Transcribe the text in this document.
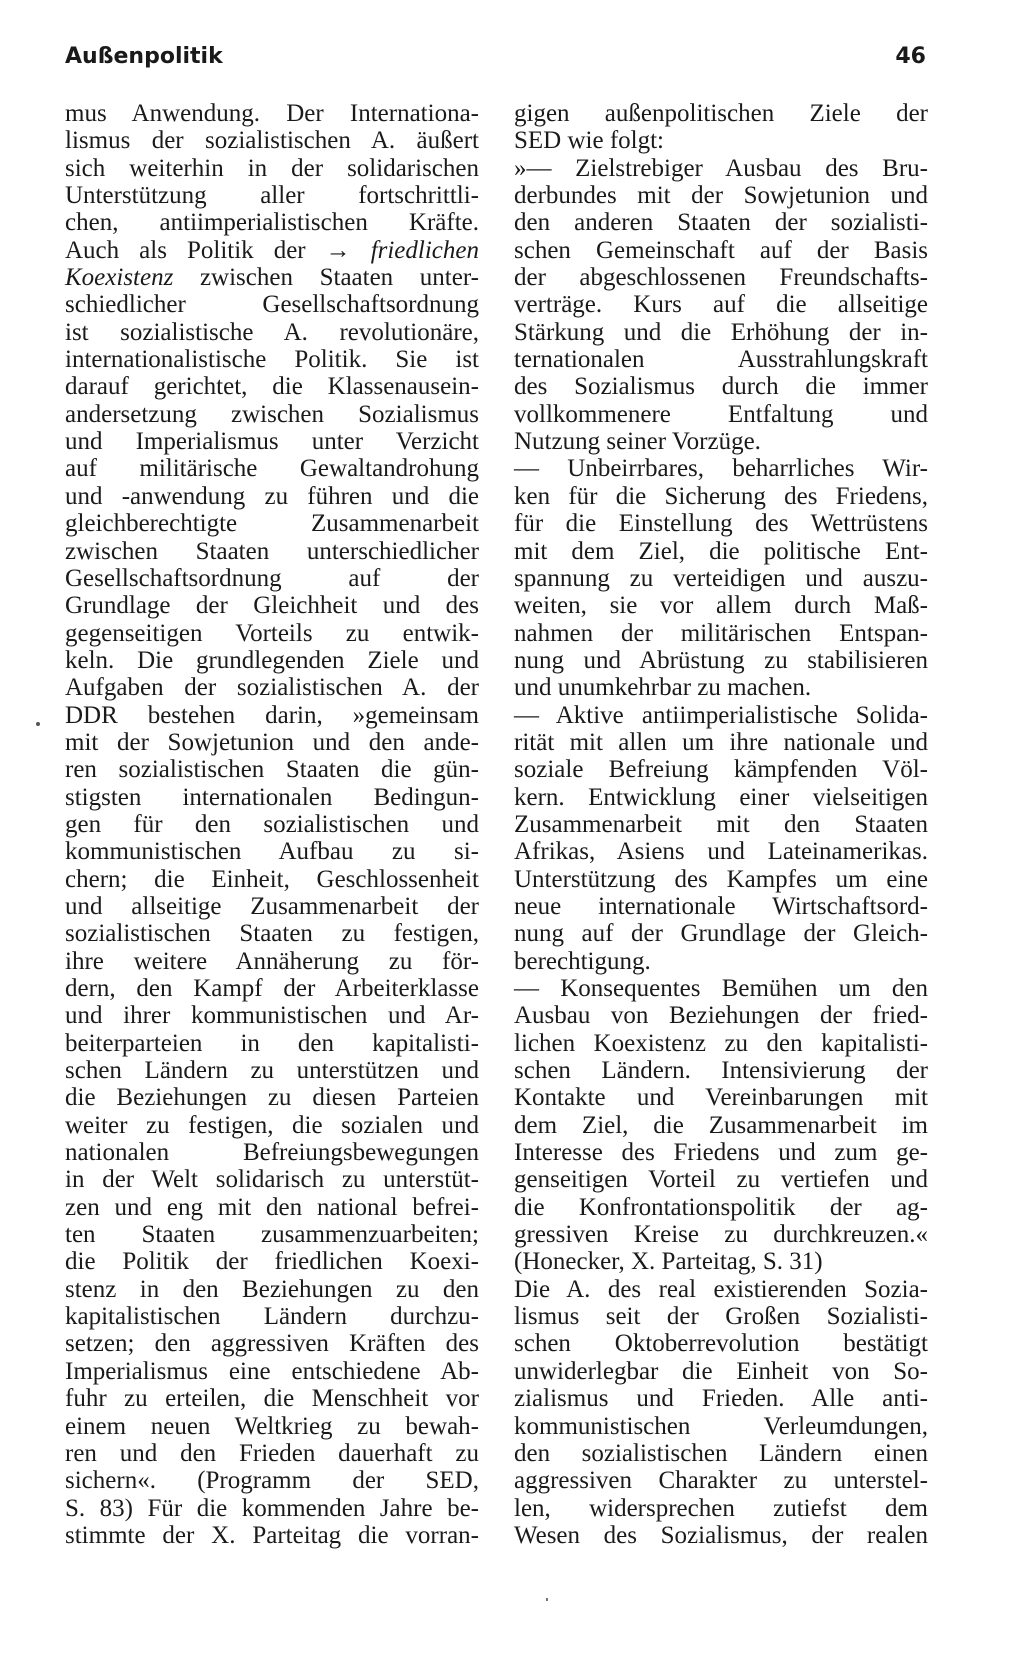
Außenpolitik	46
mus Anwendung. Der Internationa-
lismus der sozialistischen A. äußert
sich weiterhin in der solidarischen
Unterstützung aller fortschrittli-
chen, antiimperialistischen Kräfte.
Auch als Politik der → friedlichen
Koexistenz zwischen Staaten unter-
schiedlicher Gesellschaftsordnung
ist sozialistische A. revolutionäre,
internationalistische Politik. Sie ist
darauf gerichtet, die Klassenausein-
andersetzung zwischen Sozialismus
und Imperialismus unter Verzicht
auf militärische Gewaltandrohung
und -anwendung zu führen und die
gleichberechtigte Zusammenarbeit
zwischen Staaten unterschiedlicher
Gesellschaftsordnung auf der
Grundlage der Gleichheit und des
gegenseitigen Vorteils zu entwik-
keln. Die grundlegenden Ziele und
Aufgaben der sozialistischen A. der
DDR bestehen darin, »gemeinsam
mit der Sowjetunion und den ande-
ren sozialistischen Staaten die gün-
stigsten internationalen Bedingun-
gen für den sozialistischen und
kommunistischen Aufbau zu si-
chern; die Einheit, Geschlossenheit
und allseitige Zusammenarbeit der
sozialistischen Staaten zu festigen,
ihre weitere Annäherung zu för-
dern, den Kampf der Arbeiterklasse
und ihrer kommunistischen und Ar-
beiterparteien in den kapitalisti-
schen Ländern zu unterstützen und
die Beziehungen zu diesen Parteien
weiter zu festigen, die sozialen und
nationalen Befreiungsbewegungen
in der Welt solidarisch zu unterstüt-
zen und eng mit den national befrei-
ten Staaten zusammenzuarbeiten;
die Politik der friedlichen Koexi-
stenz in den Beziehungen zu den
kapitalistischen Ländern durchzu-
setzen; den aggressiven Kräften des
Imperialismus eine entschiedene Ab-
fuhr zu erteilen, die Menschheit vor
einem neuen Weltkrieg zu bewah-
ren und den Frieden dauerhaft zu
sichern«. (Programm der SED,
S. 83) Für die kommenden Jahre be-
stimmte der X. Parteitag die vorran-
gigen außenpolitischen Ziele der
SED wie folgt:
»— Zielstrebiger Ausbau des Bru-
derbundes mit der Sowjetunion und
den anderen Staaten der sozialisti-
schen Gemeinschaft auf der Basis
der abgeschlossenen Freundschafts-
verträge. Kurs auf die allseitige
Stärkung und die Erhöhung der in-
ternationalen Ausstrahlungskraft
des Sozialismus durch die immer
vollkommenere Entfaltung und
Nutzung seiner Vorzüge.
— Unbeirrbares, beharrliches Wir-
ken für die Sicherung des Friedens,
für die Einstellung des Wettrüstens
mit dem Ziel, die politische Ent-
spannung zu verteidigen und auszu-
weiten, sie vor allem durch Maß-
nahmen der militärischen Entspan-
nung und Abrüstung zu stabilisieren
und unumkehrbar zu machen.
— Aktive antiimperialistische Solida-
rität mit allen um ihre nationale und
soziale Befreiung kämpfenden Völ-
kern. Entwicklung einer vielseitigen
Zusammenarbeit mit den Staaten
Afrikas, Asiens und Lateinamerikas.
Unterstützung des Kampfes um eine
neue internationale Wirtschaftsord-
nung auf der Grundlage der Gleich-
berechtigung.
— Konsequentes Bemühen um den
Ausbau von Beziehungen der fried-
lichen Koexistenz zu den kapitalisti-
schen Ländern. Intensivierung der
Kontakte und Vereinbarungen mit
dem Ziel, die Zusammenarbeit im
Interesse des Friedens und zum ge-
genseitigen Vorteil zu vertiefen und
die Konfrontationspolitik der ag-
gressiven Kreise zu durchkreuzen.«
(Honecker, X. Parteitag, S. 31)
Die A. des real existierenden Sozia-
lismus seit der Großen Sozialisti-
schen Oktoberrevolution bestätigt
unwiderlegbar die Einheit von So-
zialismus und Frieden. Alle anti-
kommunistischen Verleumdungen,
den sozialistischen Ländern einen
aggressiven Charakter zu unterstel-
len, widersprechen zutiefst dem
Wesen des Sozialismus, der realen
